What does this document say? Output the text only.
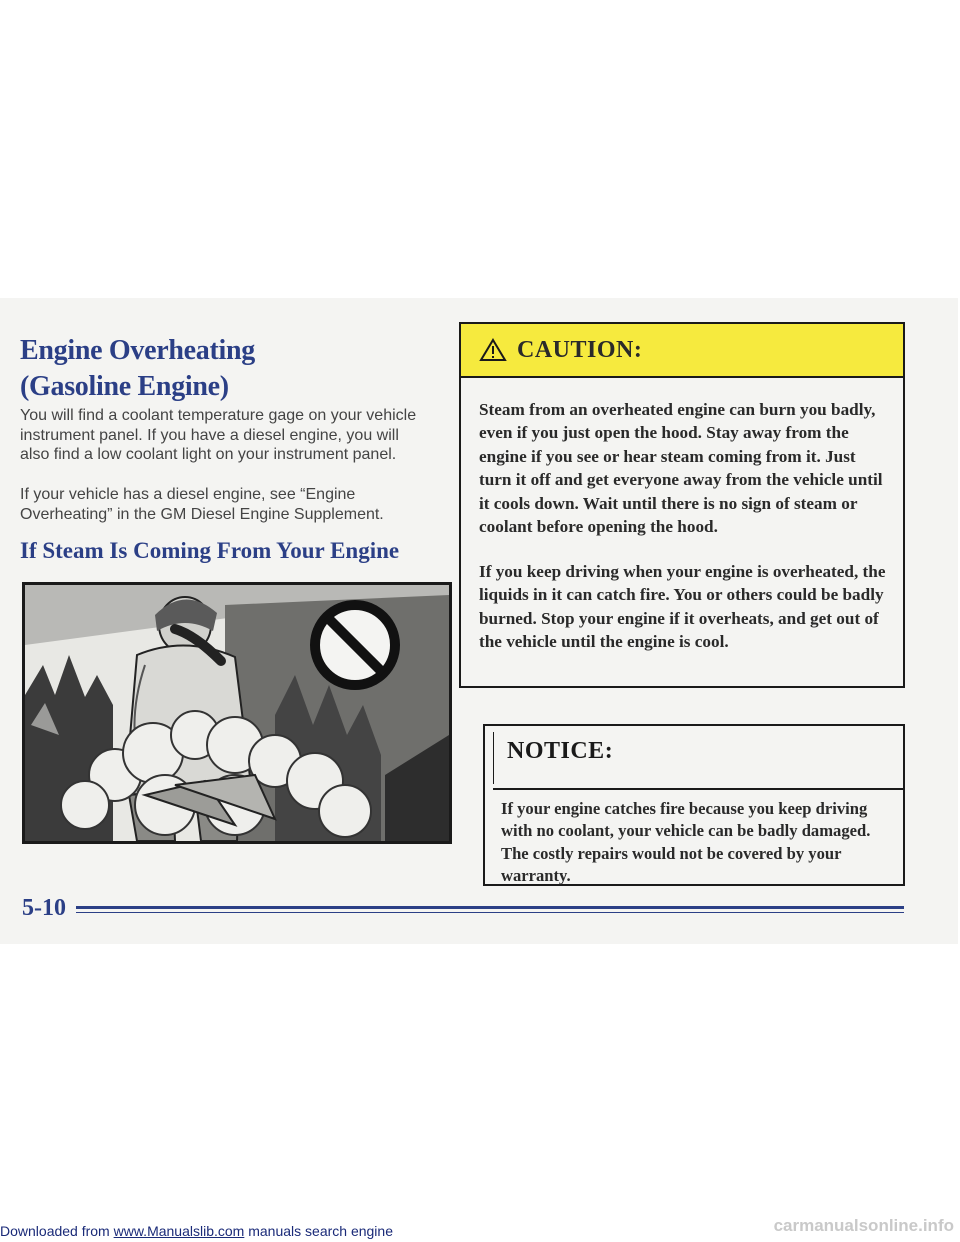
Engine Overheating
(Gasoline Engine)

You will find a coolant temperature gage on your vehicle instrument panel. If you have a diesel engine, you will also find a low coolant light on your instrument panel.

If your vehicle has a diesel engine, see “Engine Overheating” in the GM Diesel Engine Supplement.

If Steam Is Coming From Your Engine
CAUTION:

Steam from an overheated engine can burn you badly, even if you just open the hood. Stay away from the engine if you see or hear steam coming from it. Just turn it off and get everyone away from the vehicle until it cools down. Wait until there is no sign of steam or coolant before opening the hood.

If you keep driving when your engine is overheated, the liquids in it can catch fire. You or others could be badly burned. Stop your engine if it overheats, and get out of the vehicle until the engine is cool.

NOTICE:

If your engine catches fire because you keep driving with no coolant, your vehicle can be badly damaged. The costly repairs would not be covered by your warranty.

5-10

Downloaded from www.Manualslib.com manuals search engine	carmanualsonline.info
